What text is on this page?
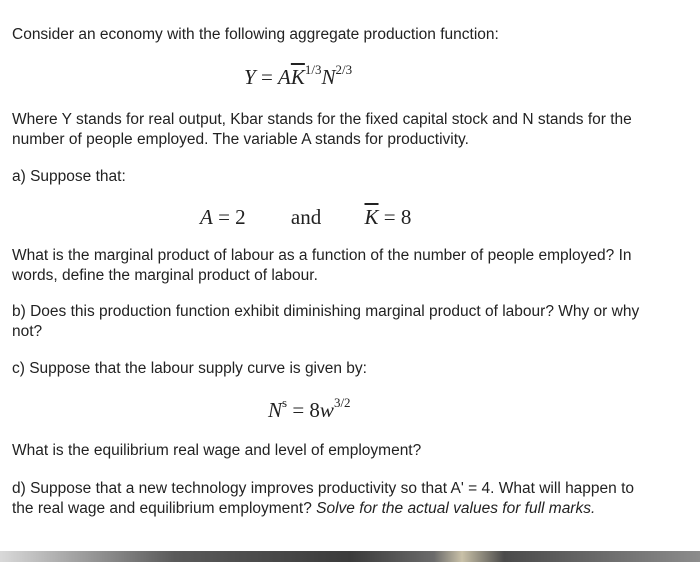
Consider an economy with the following aggregate production function:

$Y = A\overline{K}^{1/3}N^{2/3}$

Where Y stands for real output, Kbar stands for the fixed capital stock and N stands for the number of people employed. The variable A stands for productivity.

a) Suppose that:

A = 2 and $\overline{K} = 8$

What is the marginal product of labour as a function of the number of people employed? In words, define the marginal product of labour.

b) Does this production function exhibit diminishing marginal product of labour? Why or why not?

c) Suppose that the labour supply curve is given by:

$N^s = 8w^{3/2}$

What is the equilibrium real wage and level of employment?

d) Suppose that a new technology improves productivity so that A' = 4. What will happen to the real wage and equilibrium employment? Solve for the actual values for full marks.
